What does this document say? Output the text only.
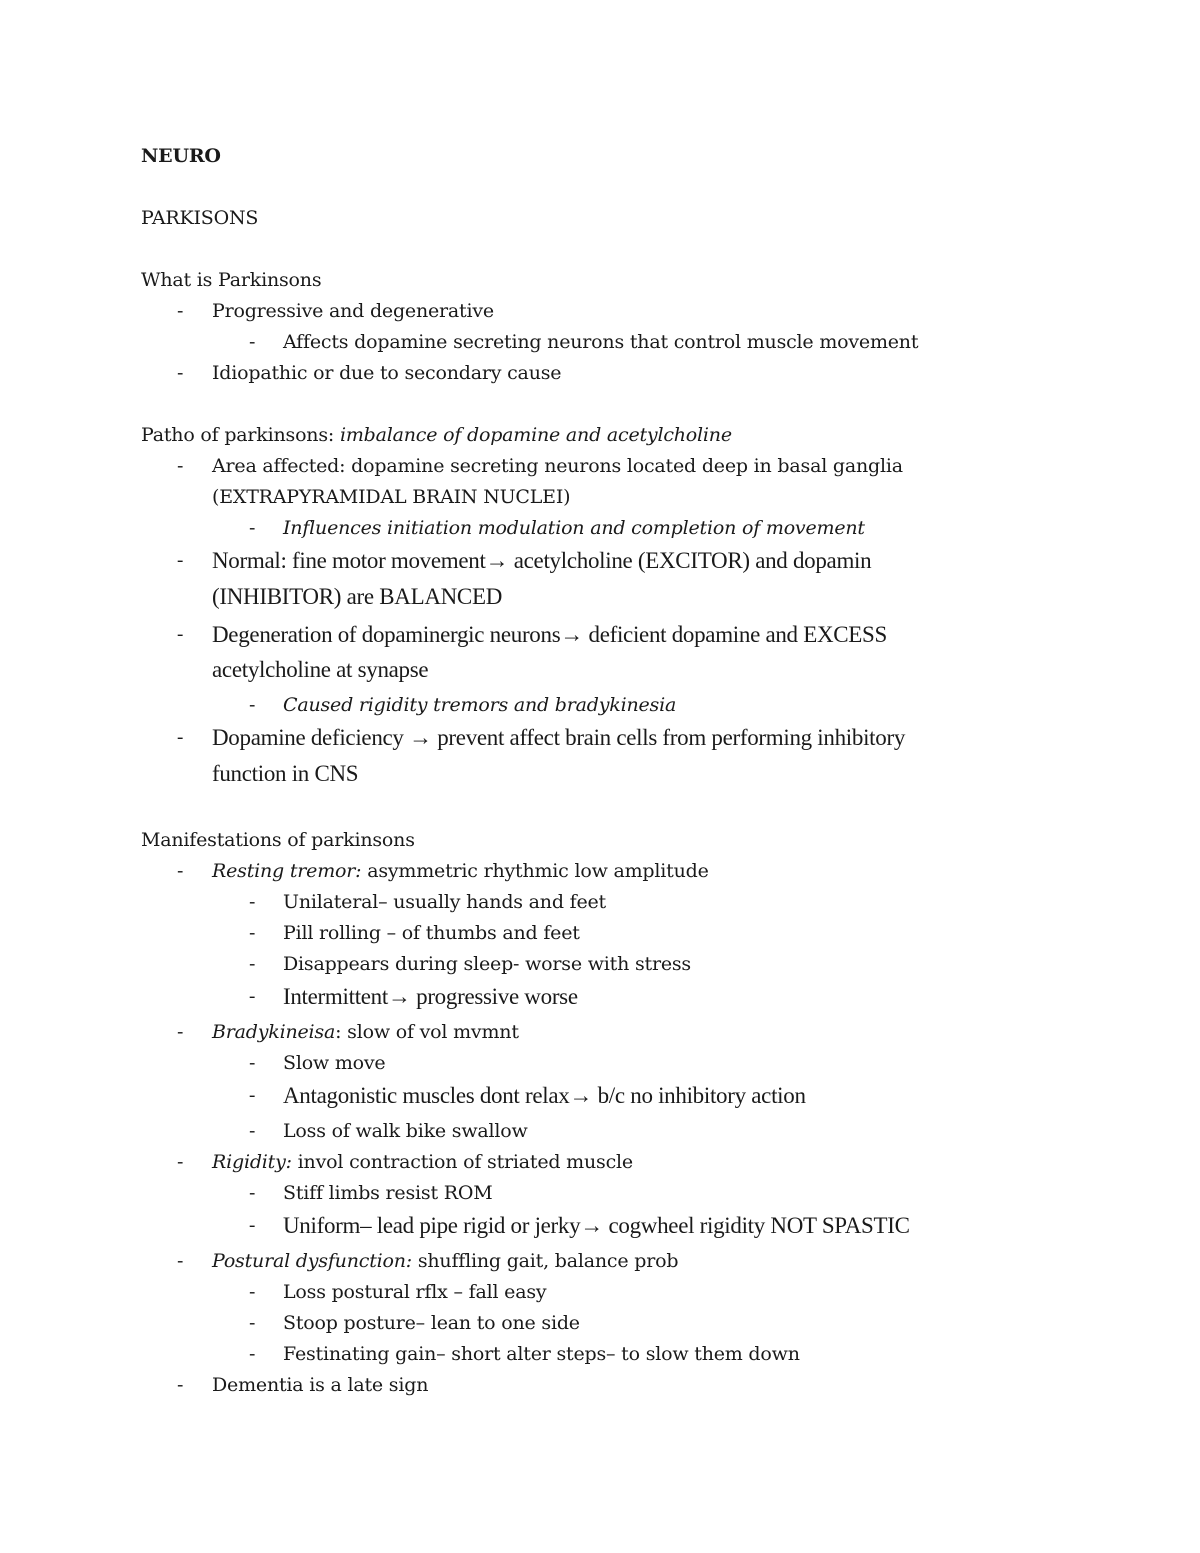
NEURO
PARKISONS
What is Parkinsons
- Progressive and degenerative
- Affects dopamine secreting neurons that control muscle movement
- Idiopathic or due to secondary cause
Patho of parkinsons: imbalance of dopamine and acetylcholine
- Area affected: dopamine secreting neurons located deep in basal ganglia
(EXTRAPYRAMIDAL BRAIN NUCLEI)
- Influences initiation modulation and completion of movement
- Normal: fine motor movement→ acetylcholine (EXCITOR) and dopamin
(INHIBITOR) are BALANCED
- Degeneration of dopaminergic neurons→ deficient dopamine and EXCESS
acetylcholine at synapse
- Caused rigidity tremors and bradykinesia
- Dopamine deficiency → prevent affect brain cells from performing inhibitory
function in CNS
Manifestations of parkinsons
- Resting tremor: asymmetric rhythmic low amplitude
- Unilateral– usually hands and feet
- Pill rolling – of thumbs and feet
- Disappears during sleep- worse with stress
- Intermittent→ progressive worse
- Bradykineisa: slow of vol mvmnt
- Slow move
- Antagonistic muscles dont relax→ b/c no inhibitory action
- Loss of walk bike swallow
- Rigidity: invol contraction of striated muscle
- Stiff limbs resist ROM
- Uniform– lead pipe rigid or jerky→ cogwheel rigidity NOT SPASTIC
- Postural dysfunction: shuffling gait, balance prob
- Loss postural rflx – fall easy
- Stoop posture– lean to one side
- Festinating gain– short alter steps– to slow them down
- Dementia is a late sign
